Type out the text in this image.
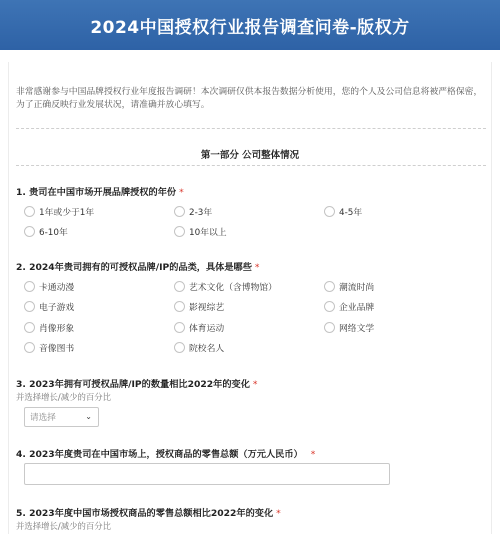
2024中国授权行业报告调查问卷-版权方

非常感谢参与中国品牌授权行业年度报告调研！本次调研仅供本报告数据分析使用，您的个人及公司信息将被严格保密，为了正确反映行业发展状况，请准确并放心填写。

第一部分 公司整体情况
1. 贵司在中国市场开展品牌授权的年份 *
1年或少于1年	2-3年	4-5年
6-10年	10年以上
2. 2024年贵司拥有的可授权品牌/IP的品类，具体是哪些 *
卡通动漫	艺术文化（含博物馆）	潮流时尚
电子游戏	影视综艺	企业品牌
肖像形象	体育运动	网络文学
音像图书	院校名人
3. 2023年拥有可授权品牌/IP的数量相比2022年的变化 *
并选择增长/减少的百分比
请选择	⌄
4. 2023年度贵司在中国市场上，授权商品的零售总额（万元人民币） *
5. 2023年度中国市场授权商品的零售总额相比2022年的变化 *
并选择增长/减少的百分比
